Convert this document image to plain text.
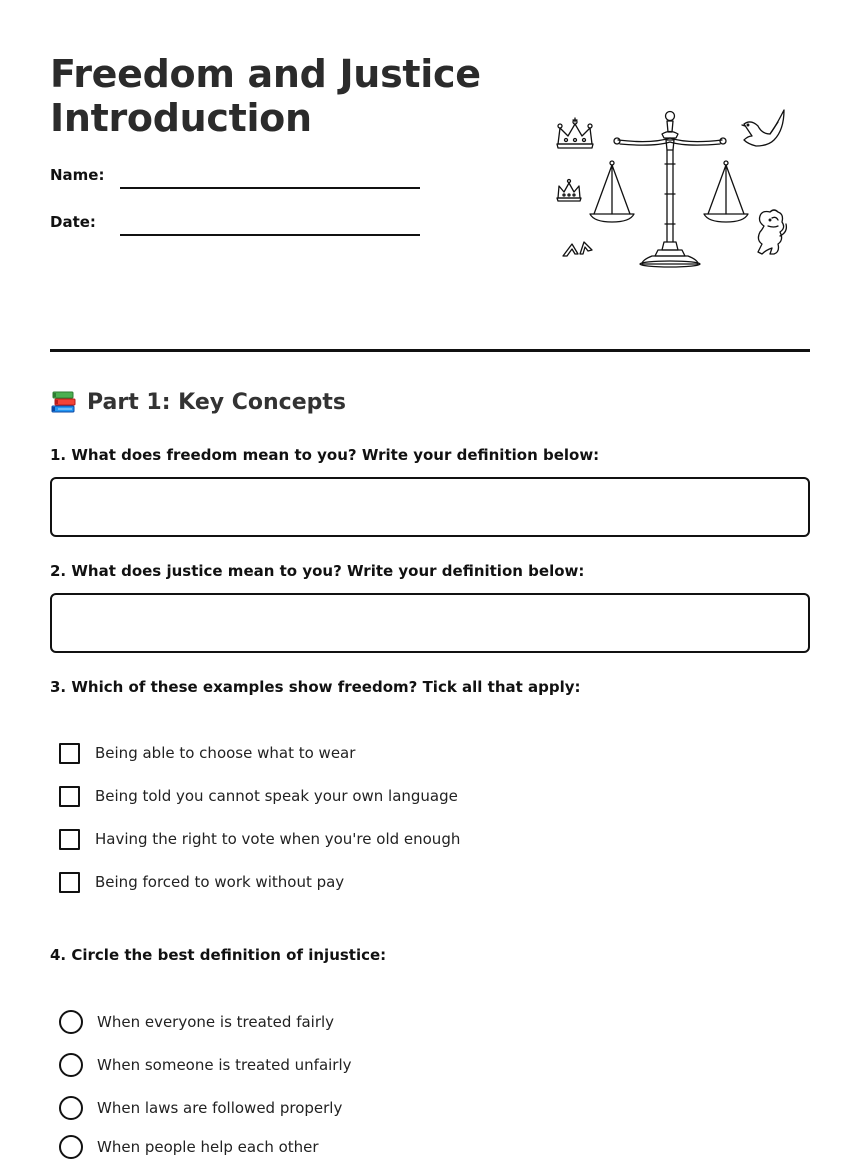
Freedom and Justice
Introduction
Name:
Date:
Part 1: Key Concepts
1. What does freedom mean to you? Write your definition below:
2. What does justice mean to you? Write your definition below:
3. Which of these examples show freedom? Tick all that apply:
Being able to choose what to wear
Being told you cannot speak your own language
Having the right to vote when you're old enough
Being forced to work without pay
4. Circle the best definition of injustice:
When everyone is treated fairly
When someone is treated unfairly
When laws are followed properly
When people help each other
